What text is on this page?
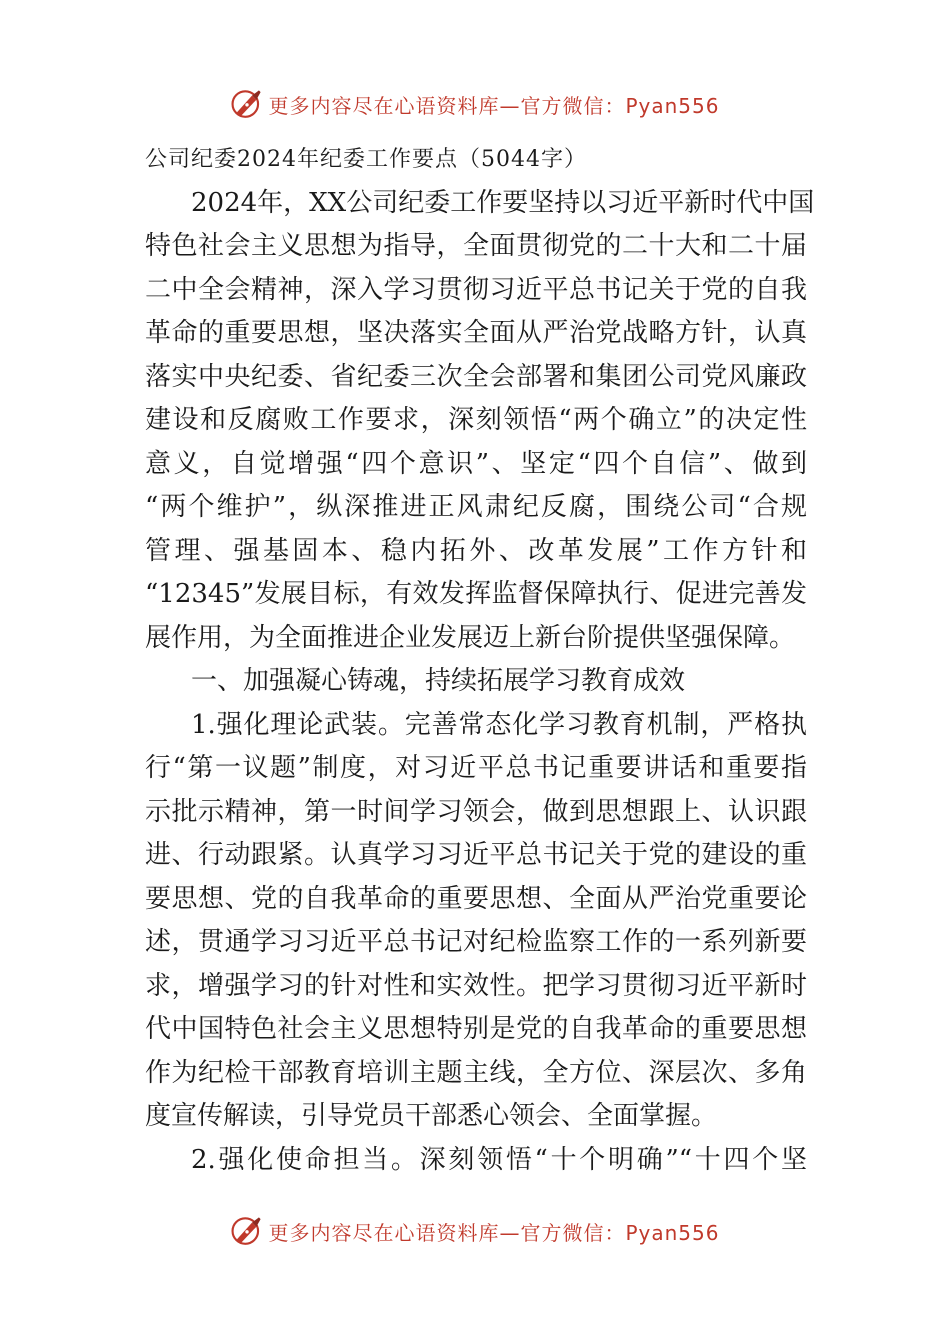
更多内容尽在心语资料库—官方微信：Pyan556

公司纪委2024年纪委工作要点（5044字）

2024年，XX公司纪委工作要坚持以习近平新时代中国

特色社会主义思想为指导，全面贯彻党的二十大和二十届

二中全会精神，深入学习贯彻习近平总书记关于党的自我

革命的重要思想，坚决落实全面从严治党战略方针，认真

落实中央纪委、省纪委三次全会部署和集团公司党风廉政

建设和反腐败工作要求，深刻领悟“两个确立”的决定性

意义，自觉增强“四个意识”、坚定“四个自信”、做到

“两个维护”，纵深推进正风肃纪反腐，围绕公司“合规

管理、强基固本、稳内拓外、改革发展”工作方针和

“12345”发展目标，有效发挥监督保障执行、促进完善发

展作用，为全面推进企业发展迈上新台阶提供坚强保障。

一、加强凝心铸魂，持续拓展学习教育成效

1.强化理论武装。完善常态化学习教育机制，严格执

行“第一议题”制度，对习近平总书记重要讲话和重要指

示批示精神，第一时间学习领会，做到思想跟上、认识跟

进、行动跟紧。认真学习习近平总书记关于党的建设的重

要思想、党的自我革命的重要思想、全面从严治党重要论

述，贯通学习习近平总书记对纪检监察工作的一系列新要

求，增强学习的针对性和实效性。把学习贯彻习近平新时

代中国特色社会主义思想特别是党的自我革命的重要思想

作为纪检干部教育培训主题主线，全方位、深层次、多角

度宣传解读，引导党员干部悉心领会、全面掌握。

2.强化使命担当。深刻领悟“十个明确”“十四个坚

更多内容尽在心语资料库—官方微信：Pyan556
